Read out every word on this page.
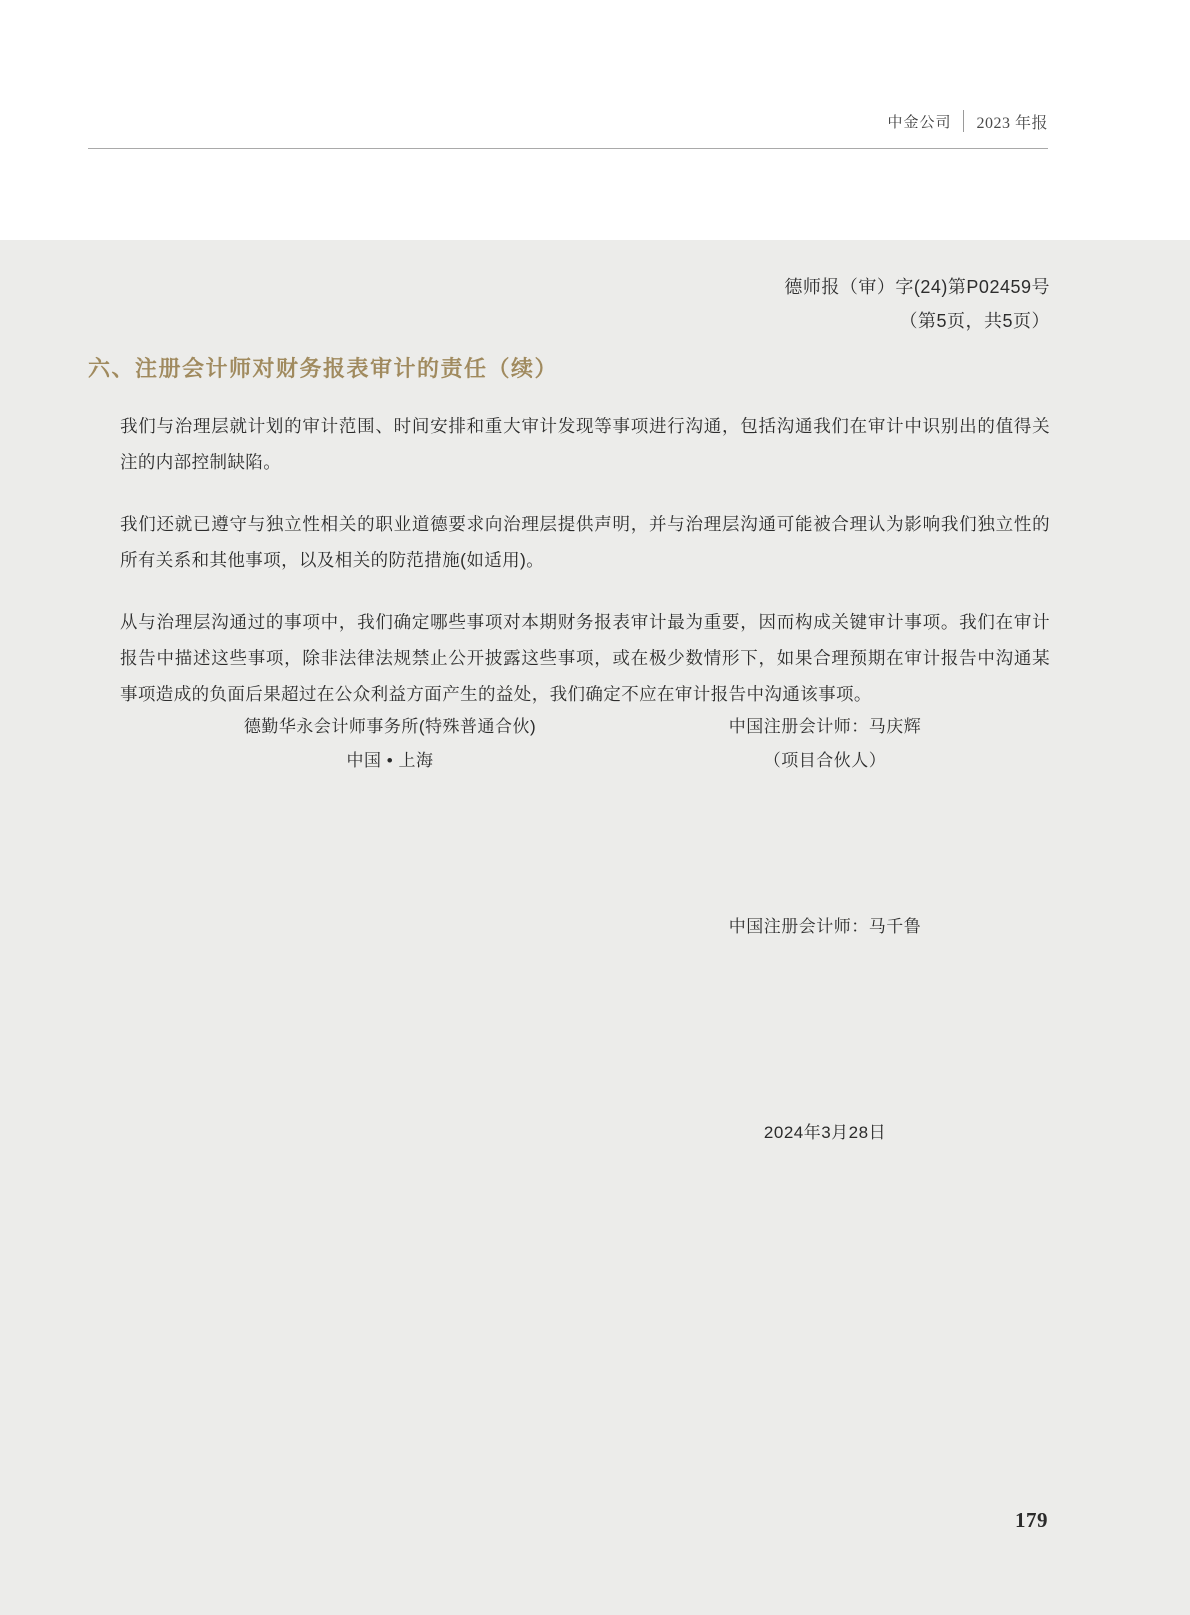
中金公司	2023 年报
德师报（审）字(24)第P02459号
（第5页，共5页）
六、注册会计师对财务报表审计的责任（续）

我们与治理层就计划的审计范围、时间安排和重大审计发现等事项进行沟通，包括沟通我们在审计中识别出的值得关注的内部控制缺陷。

我们还就已遵守与独立性相关的职业道德要求向治理层提供声明，并与治理层沟通可能被合理认为影响我们独立性的所有关系和其他事项，以及相关的防范措施(如适用)。

从与治理层沟通过的事项中，我们确定哪些事项对本期财务报表审计最为重要，因而构成关键审计事项。我们在审计报告中描述这些事项，除非法律法规禁止公开披露这些事项，或在极少数情形下，如果合理预期在审计报告中沟通某事项造成的负面后果超过在公众利益方面产生的益处，我们确定不应在审计报告中沟通该事项。

德勤华永会计师事务所(特殊普通合伙)
中国 • 上海
中国注册会计师：马庆辉
（项目合伙人）
中国注册会计师：马千鲁
2024年3月28日
179
